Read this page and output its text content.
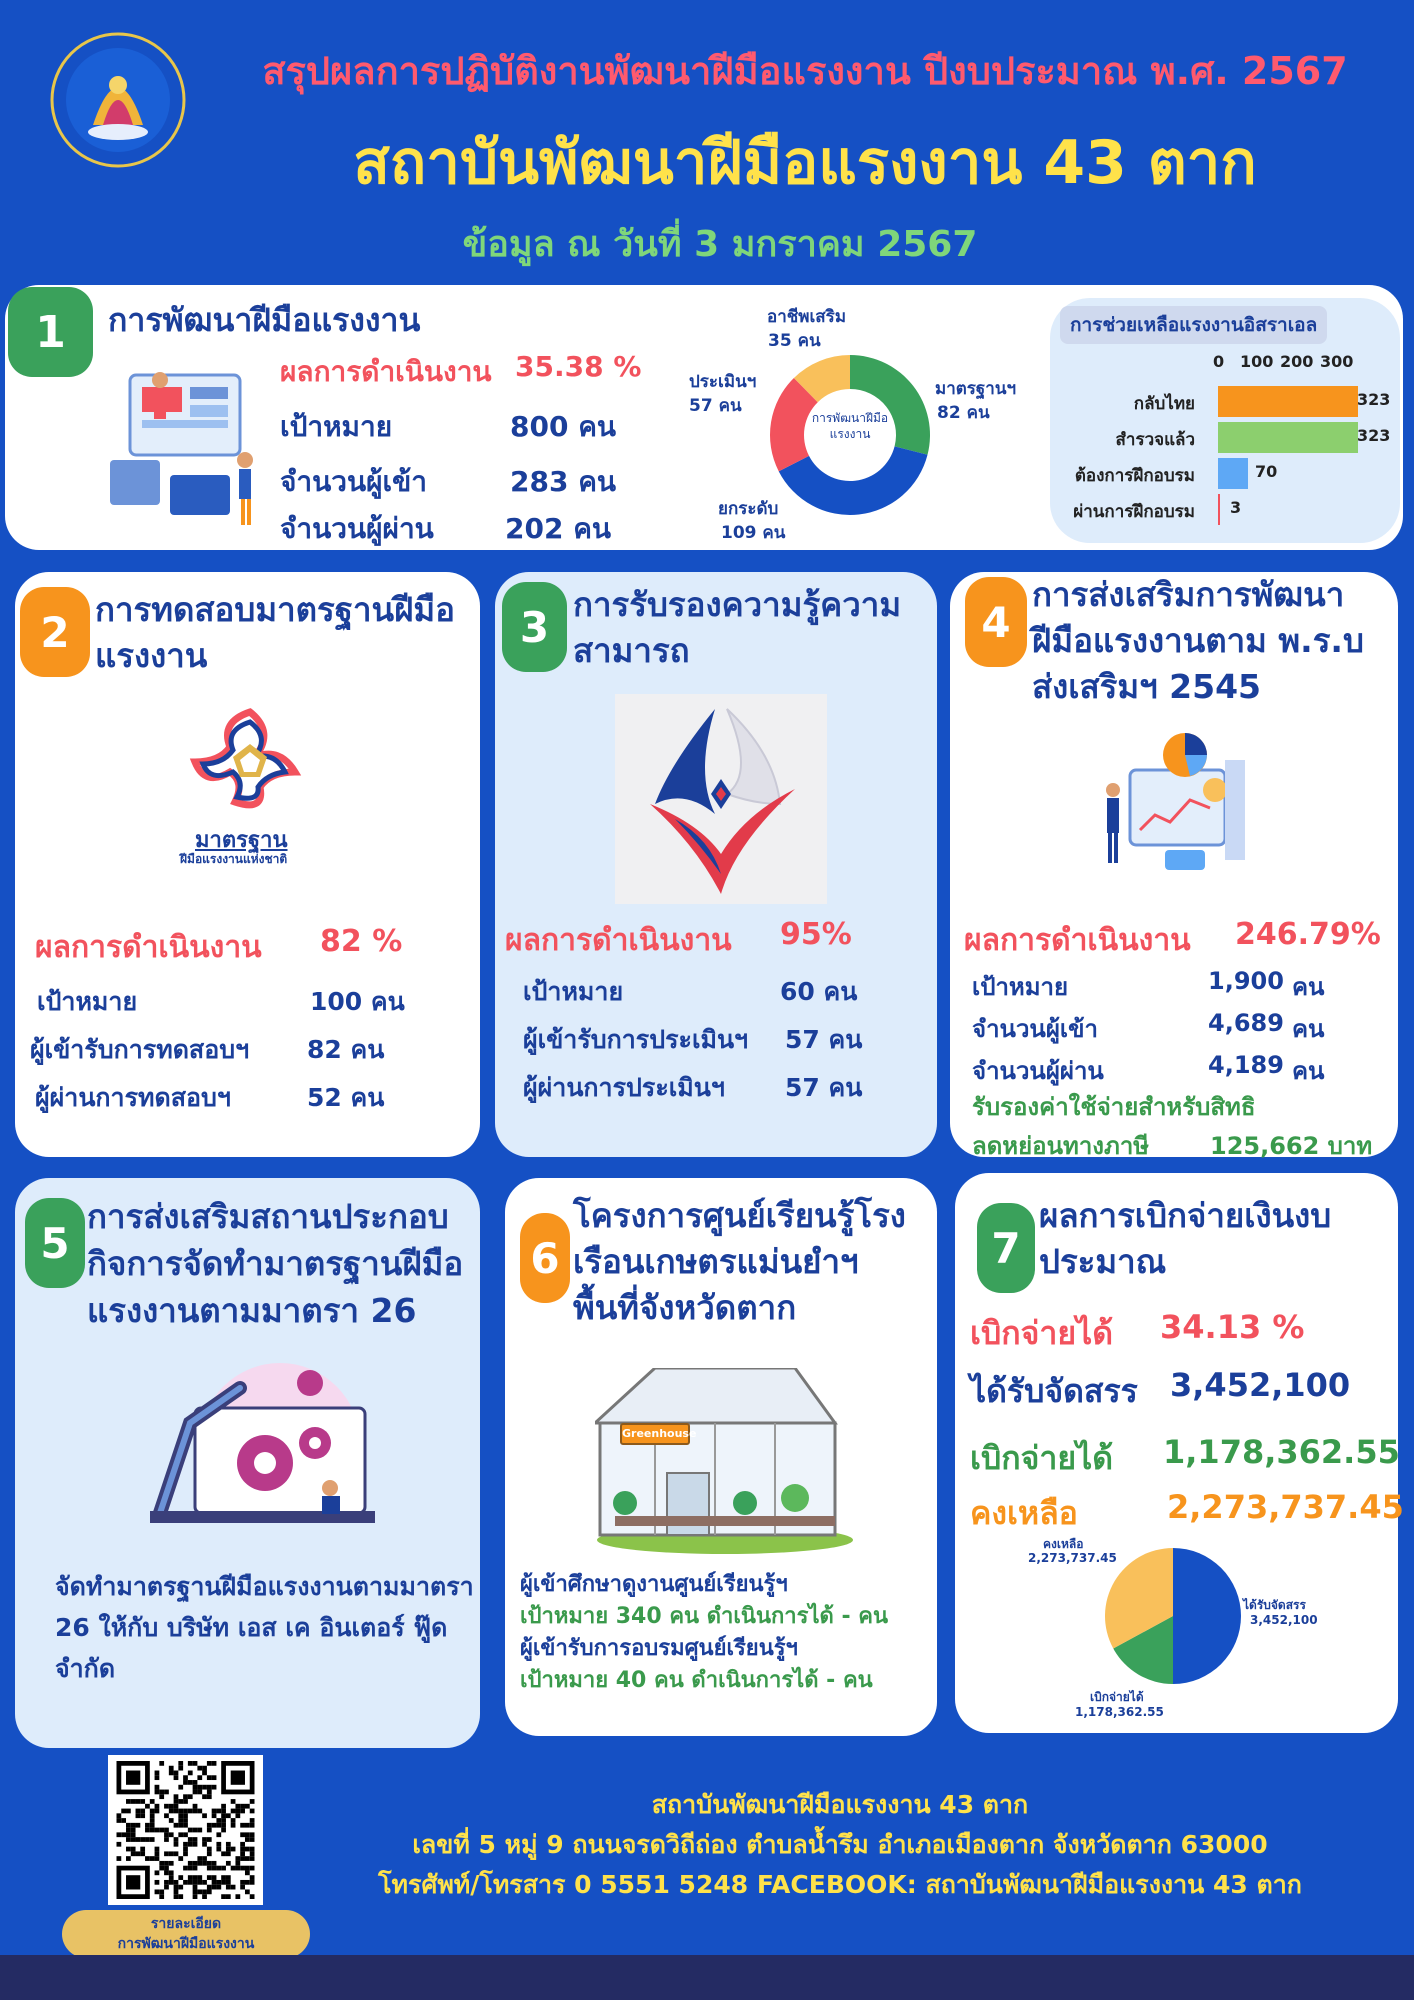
สรุปผลการปฏิบัติงานพัฒนาฝีมือแรงงาน ปีงบประมาณ พ.ศ. 2567
สถาบันพัฒนาฝีมือแรงงาน 43 ตาก
ข้อมูล ณ วันที่ 3 มกราคม 2567
1	การพัฒนาฝีมือแรงงาน
ผลการดำเนินงาน 35.38 %
เป้าหมาย	800 คน
จำนวนผู้เข้า	283 คน
จำนวนผู้ผ่าน	202 คน
การพัฒนาฝีมือแรงงาน
อาชีพเสริม
35 คน
มาตรฐานฯ
82 คน
ยกระดับ
109 คน
ประเมินฯ
57 คน
การช่วยเหลือแรงงานอิสราเอล
0 100 200 300
กลับไทย	323
สำรวจแล้ว	323
ต้องการฝึกอบรม	70
ผ่านการฝึกอบรม 3
2 การทดสอบมาตรฐานฝีมือแรงงาน
มาตรฐาน
ฝีมือแรงงานแห่งชาติ
ผลการดำเนินงาน 82 %
เป้าหมาย	100 คน
ผู้เข้ารับการทดสอบฯ 82 คน
ผู้ผ่านการทดสอบฯ	52 คน
3 การรับรองความรู้ความสามารถ
ผลการดำเนินงาน 95%
เป้าหมาย	60 คน
ผู้เข้ารับการประเมินฯ 57 คน
ผู้ผ่านการประเมินฯ 57 คน
4
การส่งเสริมการพัฒนาฝีมือแรงงานตาม พ.ร.บ ส่งเสริมฯ 2545
ผลการดำเนินงาน 246.79%
เป้าหมาย	1,900 คน
จำนวนผู้เข้า	4,689 คน
จำนวนผู้ผ่าน	4,189 คน
รับรองค่าใช้จ่ายสำหรับสิทธิ
ลดหย่อนทางภาษี	125,662 บาท
5
การส่งเสริมสถานประกอบกิจการจัดทำมาตรฐานฝีมือแรงงานตามมาตรา 26
จัดทำมาตรฐานฝีมือแรงงานตามมาตรา 26 ให้กับ บริษัท เอส เค อินเตอร์ ฟู๊ด จำกัด
6
โครงการศูนย์เรียนรู้โรงเรือนเกษตรแม่นยำฯ พื้นที่จังหวัดตาก
Greenhouse
ผู้เข้าศึกษาดูงานศูนย์เรียนรู้ฯ
เป้าหมาย 340 คน ดำเนินการได้ - คน
ผู้เข้ารับการอบรมศูนย์เรียนรู้ฯ
เป้าหมาย 40 คน ดำเนินการได้ - คน
7
ผลการเบิกจ่ายเงินงบประมาณ
เบิกจ่ายได้ 34.13 %
ได้รับจัดสรร 3,452,100
เบิกจ่ายได้ 1,178,362.55
คงเหลือ	2,273,737.45
คงเหลือ
2,273,737.45
ได้รับจัดสรร
3,452,100
เบิกจ่ายได้
1,178,362.55
รายละเอียด
การพัฒนาฝีมือแรงงาน
สถาบันพัฒนาฝีมือแรงงาน 43 ตาก
เลขที่ 5 หมู่ 9 ถนนจรดวิถีถ่อง ตำบลน้ำรึม อำเภอเมืองตาก จังหวัดตาก 63000
โทรศัพท์/โทรสาร 0 5551 5248 FACEBOOK: สถาบันพัฒนาฝีมือแรงงาน 43 ตาก
